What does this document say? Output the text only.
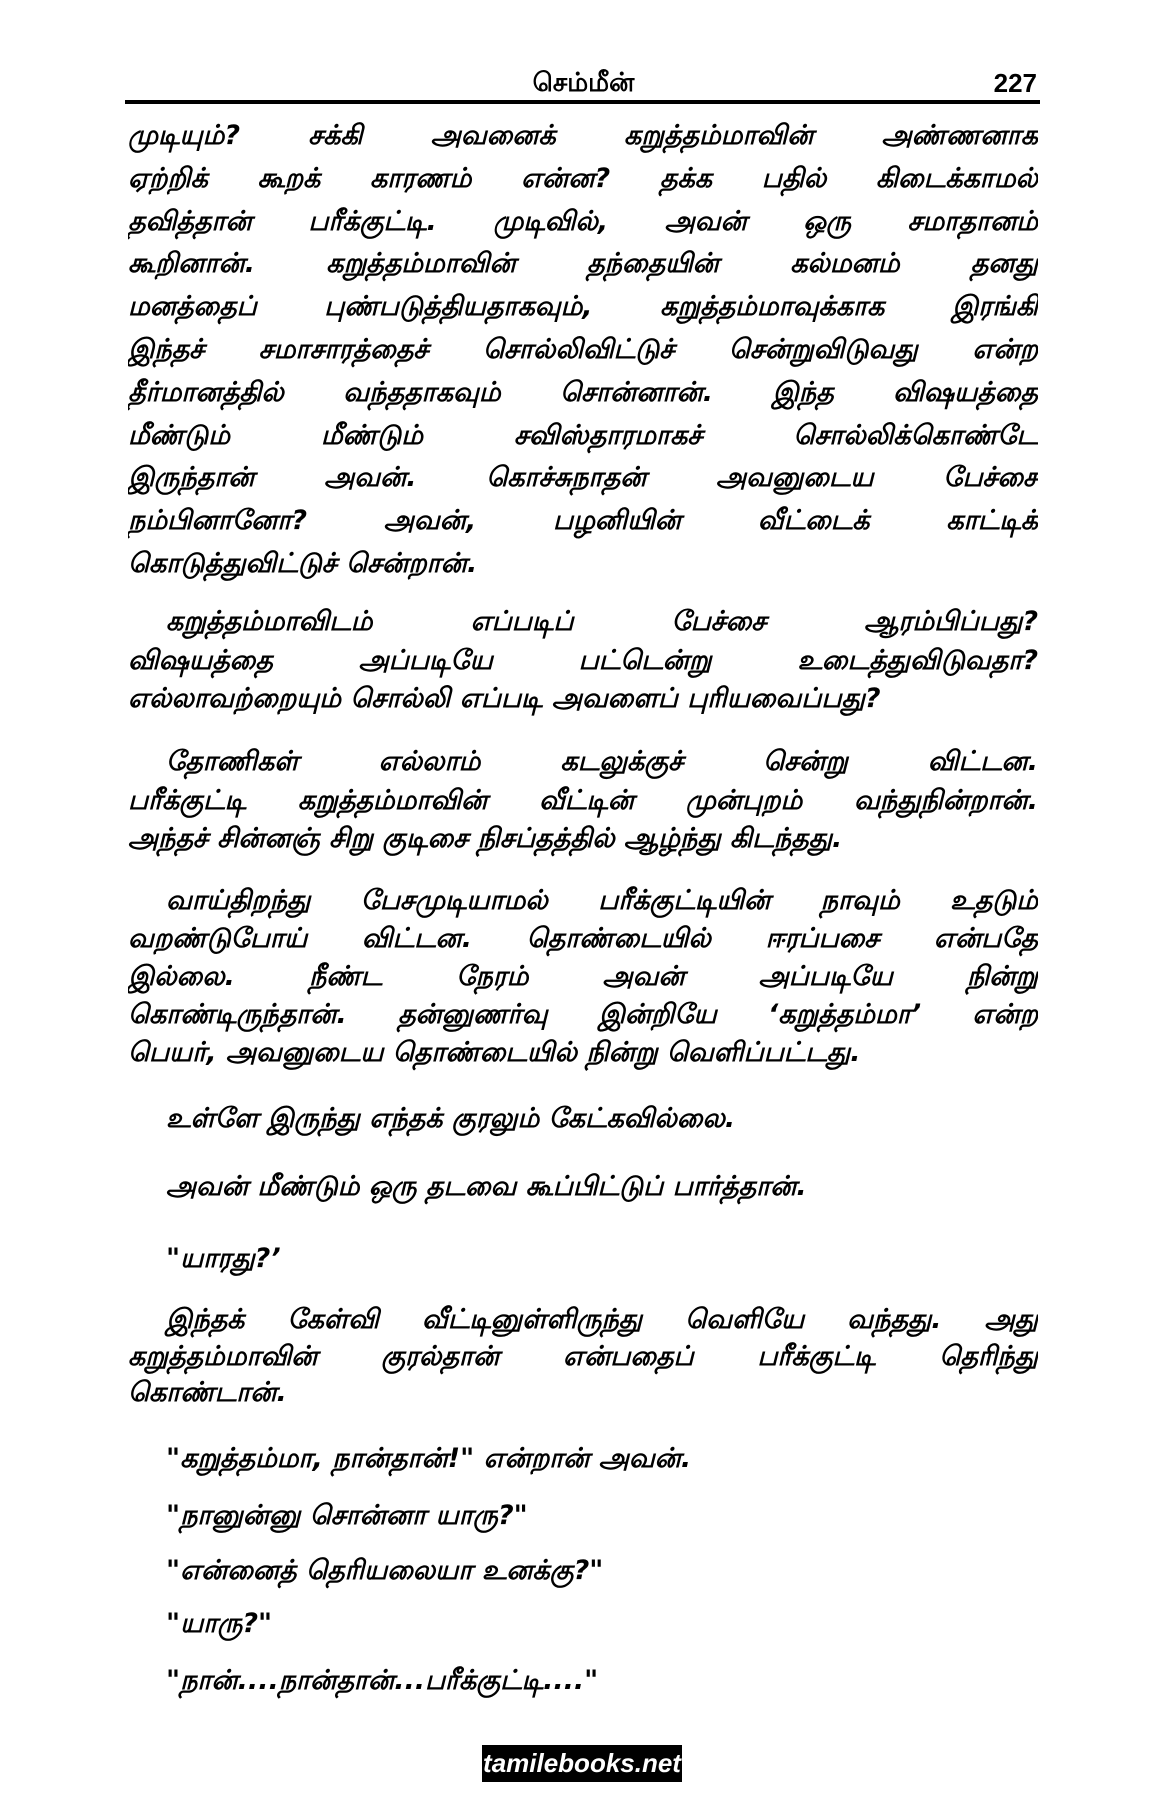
செம்மீன்	227
முடியும்? சக்கி அவனைக் கறுத்தம்மாவின் அண்ணனாக
ஏற்றிக் கூறக் காரணம் என்ன? தக்க பதில் கிடைக்காமல்
தவித்தான் பரீக்குட்டி. முடிவில், அவன் ஒரு சமாதானம்
கூறினான். கறுத்தம்மாவின் தந்தையின் கல்மனம் தனது
மனத்தைப் புண்படுத்தியதாகவும், கறுத்தம்மாவுக்காக இரங்கி
இந்தச் சமாசாரத்தைச் சொல்லிவிட்டுச் சென்றுவிடுவது என்ற
தீர்மானத்தில் வந்ததாகவும் சொன்னான். இந்த விஷயத்தை
மீண்டும் மீண்டும் சவிஸ்தாரமாகச் சொல்லிக்கொண்டே
இருந்தான் அவன். கொச்சுநாதன் அவனுடைய பேச்சை
நம்பினானோ? அவன், பழனியின் வீட்டைக் காட்டிக்
கொடுத்துவிட்டுச் சென்றான்.
கறுத்தம்மாவிடம் எப்படிப் பேச்சை ஆரம்பிப்பது?
விஷயத்தை அப்படியே பட்டென்று உடைத்துவிடுவதா?
எல்லாவற்றையும் சொல்லி எப்படி அவளைப் புரியவைப்பது?
தோணிகள் எல்லாம் கடலுக்குச் சென்று விட்டன.
பரீக்குட்டி கறுத்தம்மாவின் வீட்டின் முன்புறம் வந்துநின்றான்.
அந்தச் சின்னஞ் சிறு குடிசை நிசப்தத்தில் ஆழ்ந்து கிடந்தது.
வாய்திறந்து பேசமுடியாமல் பரீக்குட்டியின் நாவும் உதடும்
வறண்டுபோய் விட்டன. தொண்டையில் ஈரப்பசை என்பதே
இல்லை. நீண்ட நேரம் அவன் அப்படியே நின்று
கொண்டிருந்தான். தன்னுணர்வு இன்றியே ‘கறுத்தம்மா’ என்ற
பெயர், அவனுடைய தொண்டையில் நின்று வெளிப்பட்டது.
உள்ளே இருந்து எந்தக் குரலும் கேட்கவில்லை.
அவன் மீண்டும் ஒரு தடவை கூப்பிட்டுப் பார்த்தான்.
"யாரது?’
இந்தக் கேள்வி வீட்டினுள்ளிருந்து வெளியே வந்தது. அது
கறுத்தம்மாவின் குரல்தான் என்பதைப் பரீக்குட்டி தெரிந்து
கொண்டான்.
"கறுத்தம்மா, நான்தான்!" என்றான் அவன்.
"நானுன்னு சொன்னா யாரு?"
"என்னைத் தெரியலையா உனக்கு?"
"யாரு?"
"நான்....நான்தான்...பரீக்குட்டி...."
tamilebooks.net
